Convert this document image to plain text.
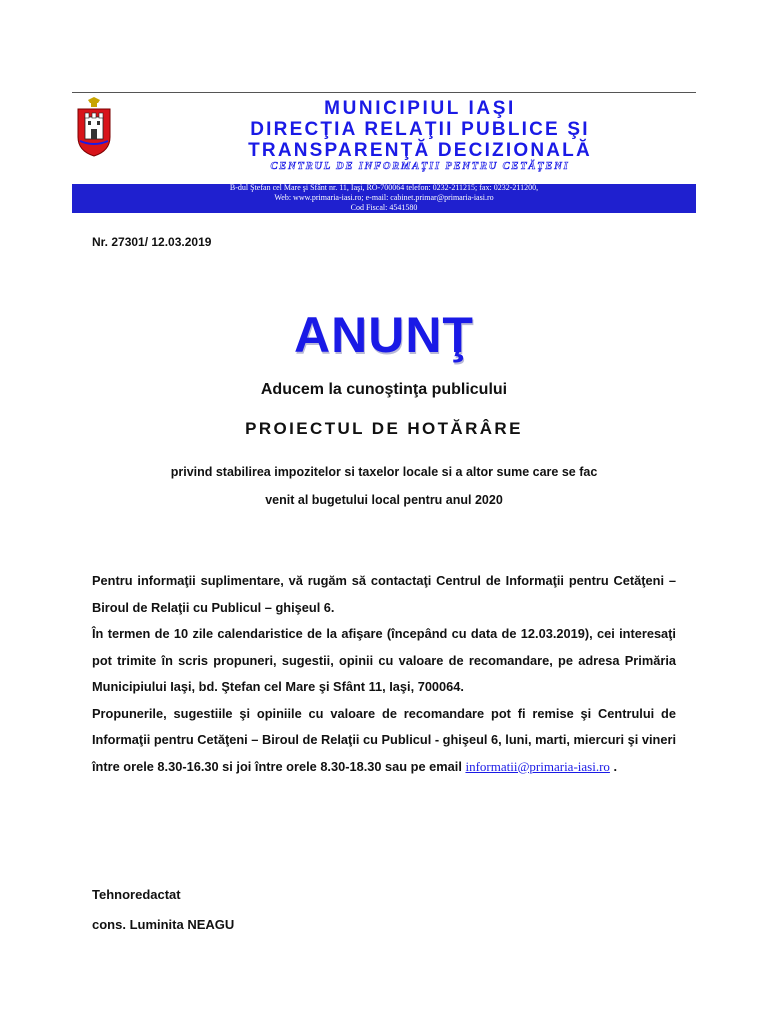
MUNICIPIUL IAŞI
DIRECŢIA RELAŢII PUBLICE ŞI
TRANSPARENŢĂ DECIZIONALĂ
CENTRUL DE INFORMAŢII PENTRU CETĂŢENI
B-dul Ştefan cel Mare şi Sfânt nr. 11, Iaşi, RO-700064 telefon: 0232-211215; fax: 0232-211200,
Web: www.primaria-iasi.ro; e-mail: cabinet.primar@primaria-iasi.ro
Cod Fiscal: 4541580
Nr. 27301/ 12.03.2019
ANUNŢ
Aducem la cunoştinţa publicului
PROIECTUL DE HOTĂRÂRE
privind stabilirea impozitelor si taxelor locale si a altor sume care se fac
venit al bugetului local pentru anul 2020

Pentru informaţii suplimentare, vă rugăm să contactaţi Centrul de Informaţii pentru Cetăţeni – Biroul de Relaţii cu Publicul – ghişeul 6.

În termen de 10 zile calendaristice de la afişare (începând cu data de 12.03.2019), cei interesaţi pot trimite în scris propuneri, sugestii, opinii cu valoare de recomandare, pe adresa Primăria Municipiului Iaşi, bd. Ştefan cel Mare şi Sfânt 11, Iaşi, 700064.

Propunerile, sugestiile şi opiniile cu valoare de recomandare pot fi remise şi Centrului de Informaţii pentru Cetăţeni – Biroul de Relaţii cu Publicul - ghişeul 6, luni, marti, miercuri şi vineri între orele 8.30-16.30 si joi între orele 8.30-18.30 sau pe email informatii@primaria-iasi.ro .

Tehnoredactat
cons. Luminita NEAGU
